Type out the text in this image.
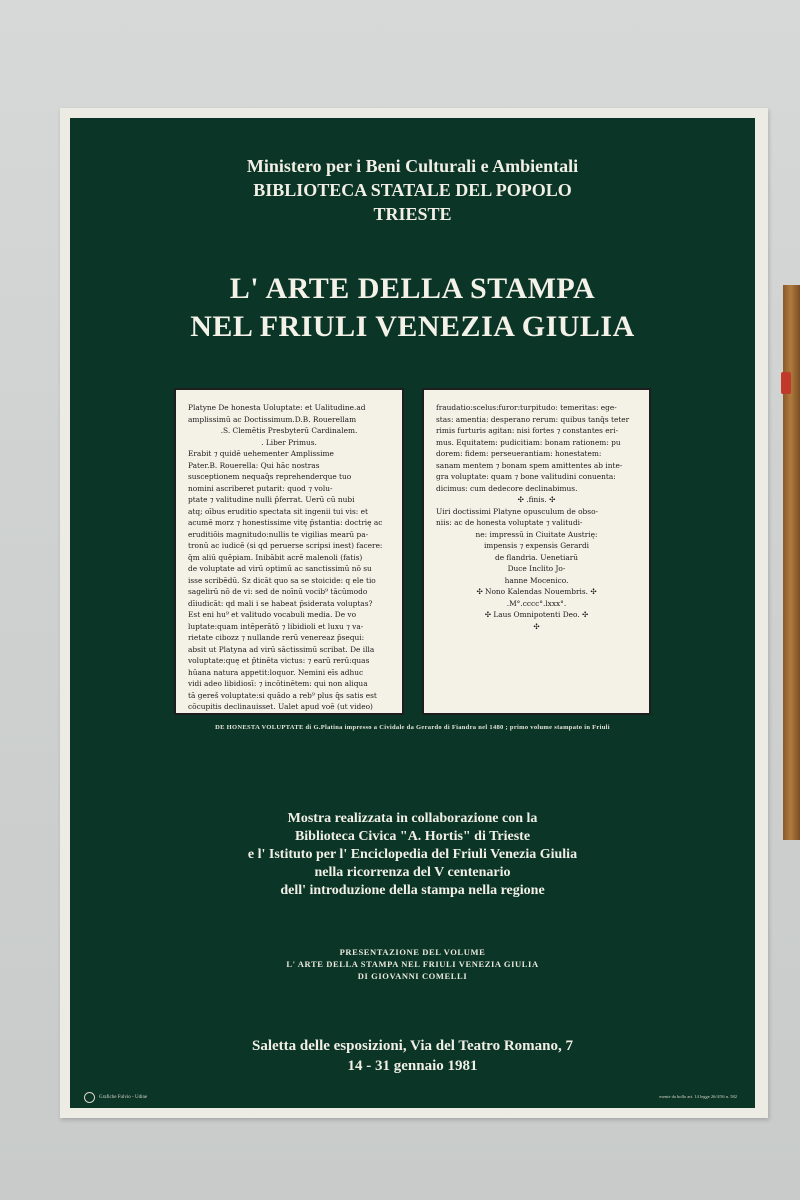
Ministero per i Beni Culturali e Ambientali
BIBLIOTECA STATALE DEL POPOLO
TRIESTE
L' ARTE DELLA STAMPA
NEL FRIULI VENEZIA GIULIA
Platyne De honesta Uoluptate: et Ualitudine.ad
amplissimū ac Doctissimum.D.B. Rouerellam
.S. Clemētis Presbyterū Cardinalem.
. Liber Primus.
Erabit ⁊ quidē uehementer Amplissime
Pater.B. Rouerella: Qui hāc nostras
susceptionem nequaq̄s reprehenderque tuo
nomini ascriberet putarit: quod ⁊ volu-
ptate ⁊ valitudine nulli p̄ferrat. Uerū cū nubi
atq; oībus eruditio spectata sit ingenii tui vis: et
acumē morz ⁊ honestissime vitę p̄stantia: doctrię ac
eruditiōis magnitudo:nullis te vigilias mearū pa-
tronū ac iudicē (si qd peruerse scripsi inest) facere:
q̄m aliū quēpiam. Inibābit acrē malenoli (fatis)
de voluptate ad virū optimū ac sanctissimū nō su
isse scribēdū. Sz dicāt quo sa se stoicide: q ele tio
sagelirū nō de vi: sed de noīnū vocib⁹ tācūmodo
dīiudicāt: qd mali i se habeat p̄siderata voluptas?
Est eni hu⁹ et valitudo vocabuli media. De vo
luptate:quam intēperātō ⁊ libidioli et luxu ⁊ va-
rietate cibozz ⁊ nullande rerū venereaz p̄sequi:
absit ut Platyna ad virū sāctissimū scribat. De illa
voluptate:quę et p̄tinēta victus: ⁊ earū rerū:quas
hūana natura appetit:loquor. Nemini eīs adhuc
vidi adeo libidiosī: ⁊ incōtinētem: qui non aliqua
tā gereš voluptate:si quādo a reb⁹ plus q̄s satis est
cōcupitis declinauisset. Ualet apud voē (ut video)
fraudatio:scelus:furor:turpitudo: temeritas: ege-
stas: amentia: desperano rerum: quibus tanq̄s teter
rimis furturis agitan: nisi fortes ⁊ constantes eri-
mus. Equitatem: pudicitiam: bonam rationem: pu
dorem: fidem: perseuerantiam: honestatem:
sanam mentem ⁊ bonam spem amittentes ab inte-
gra voluptate: quam ⁊ bone valitudini conuenta:
dicimus: cum dedecore declinabimus.
✣ .finis. ✣
Uiri doctissimi Platyne opusculum de obso-
niis: ac de honesta voluptate ⁊ valitudi-
ne: impressū in Ciuitate Austrię:
impensis ⁊ expensis Gerardi
de flandria. Uenetiarū
Duce Inclito Jo-
hanne Mocenico.
✣ Nono Kalendas Nouembris. ✣
.M°.cccc°.lxxx°.
✣ Laus Omnipotenti Deo. ✣
✣
DE HONESTA VOLUPTATE di G.Platina impresso a Cividale da Gerardo di Fiandra nel 1480 ; primo volume stampato in Friuli
Mostra realizzata in collaborazione con la
Biblioteca Civica "A. Hortis" di Trieste
e l' Istituto per l' Enciclopedia del Friuli Venezia Giulia
nella ricorrenza del V centenario
dell' introduzione della stampa nella regione
PRESENTAZIONE DEL VOLUME
L' ARTE DELLA STAMPA NEL FRIULI VENEZIA GIULIA
DI GIOVANNI COMELLI
Saletta delle esposizioni, Via del Teatro Romano, 7
14 - 31 gennaio 1981
Grafiche Fulvio - Udine	esente da bollo art. 14 legge 26/4/56 n. 582
